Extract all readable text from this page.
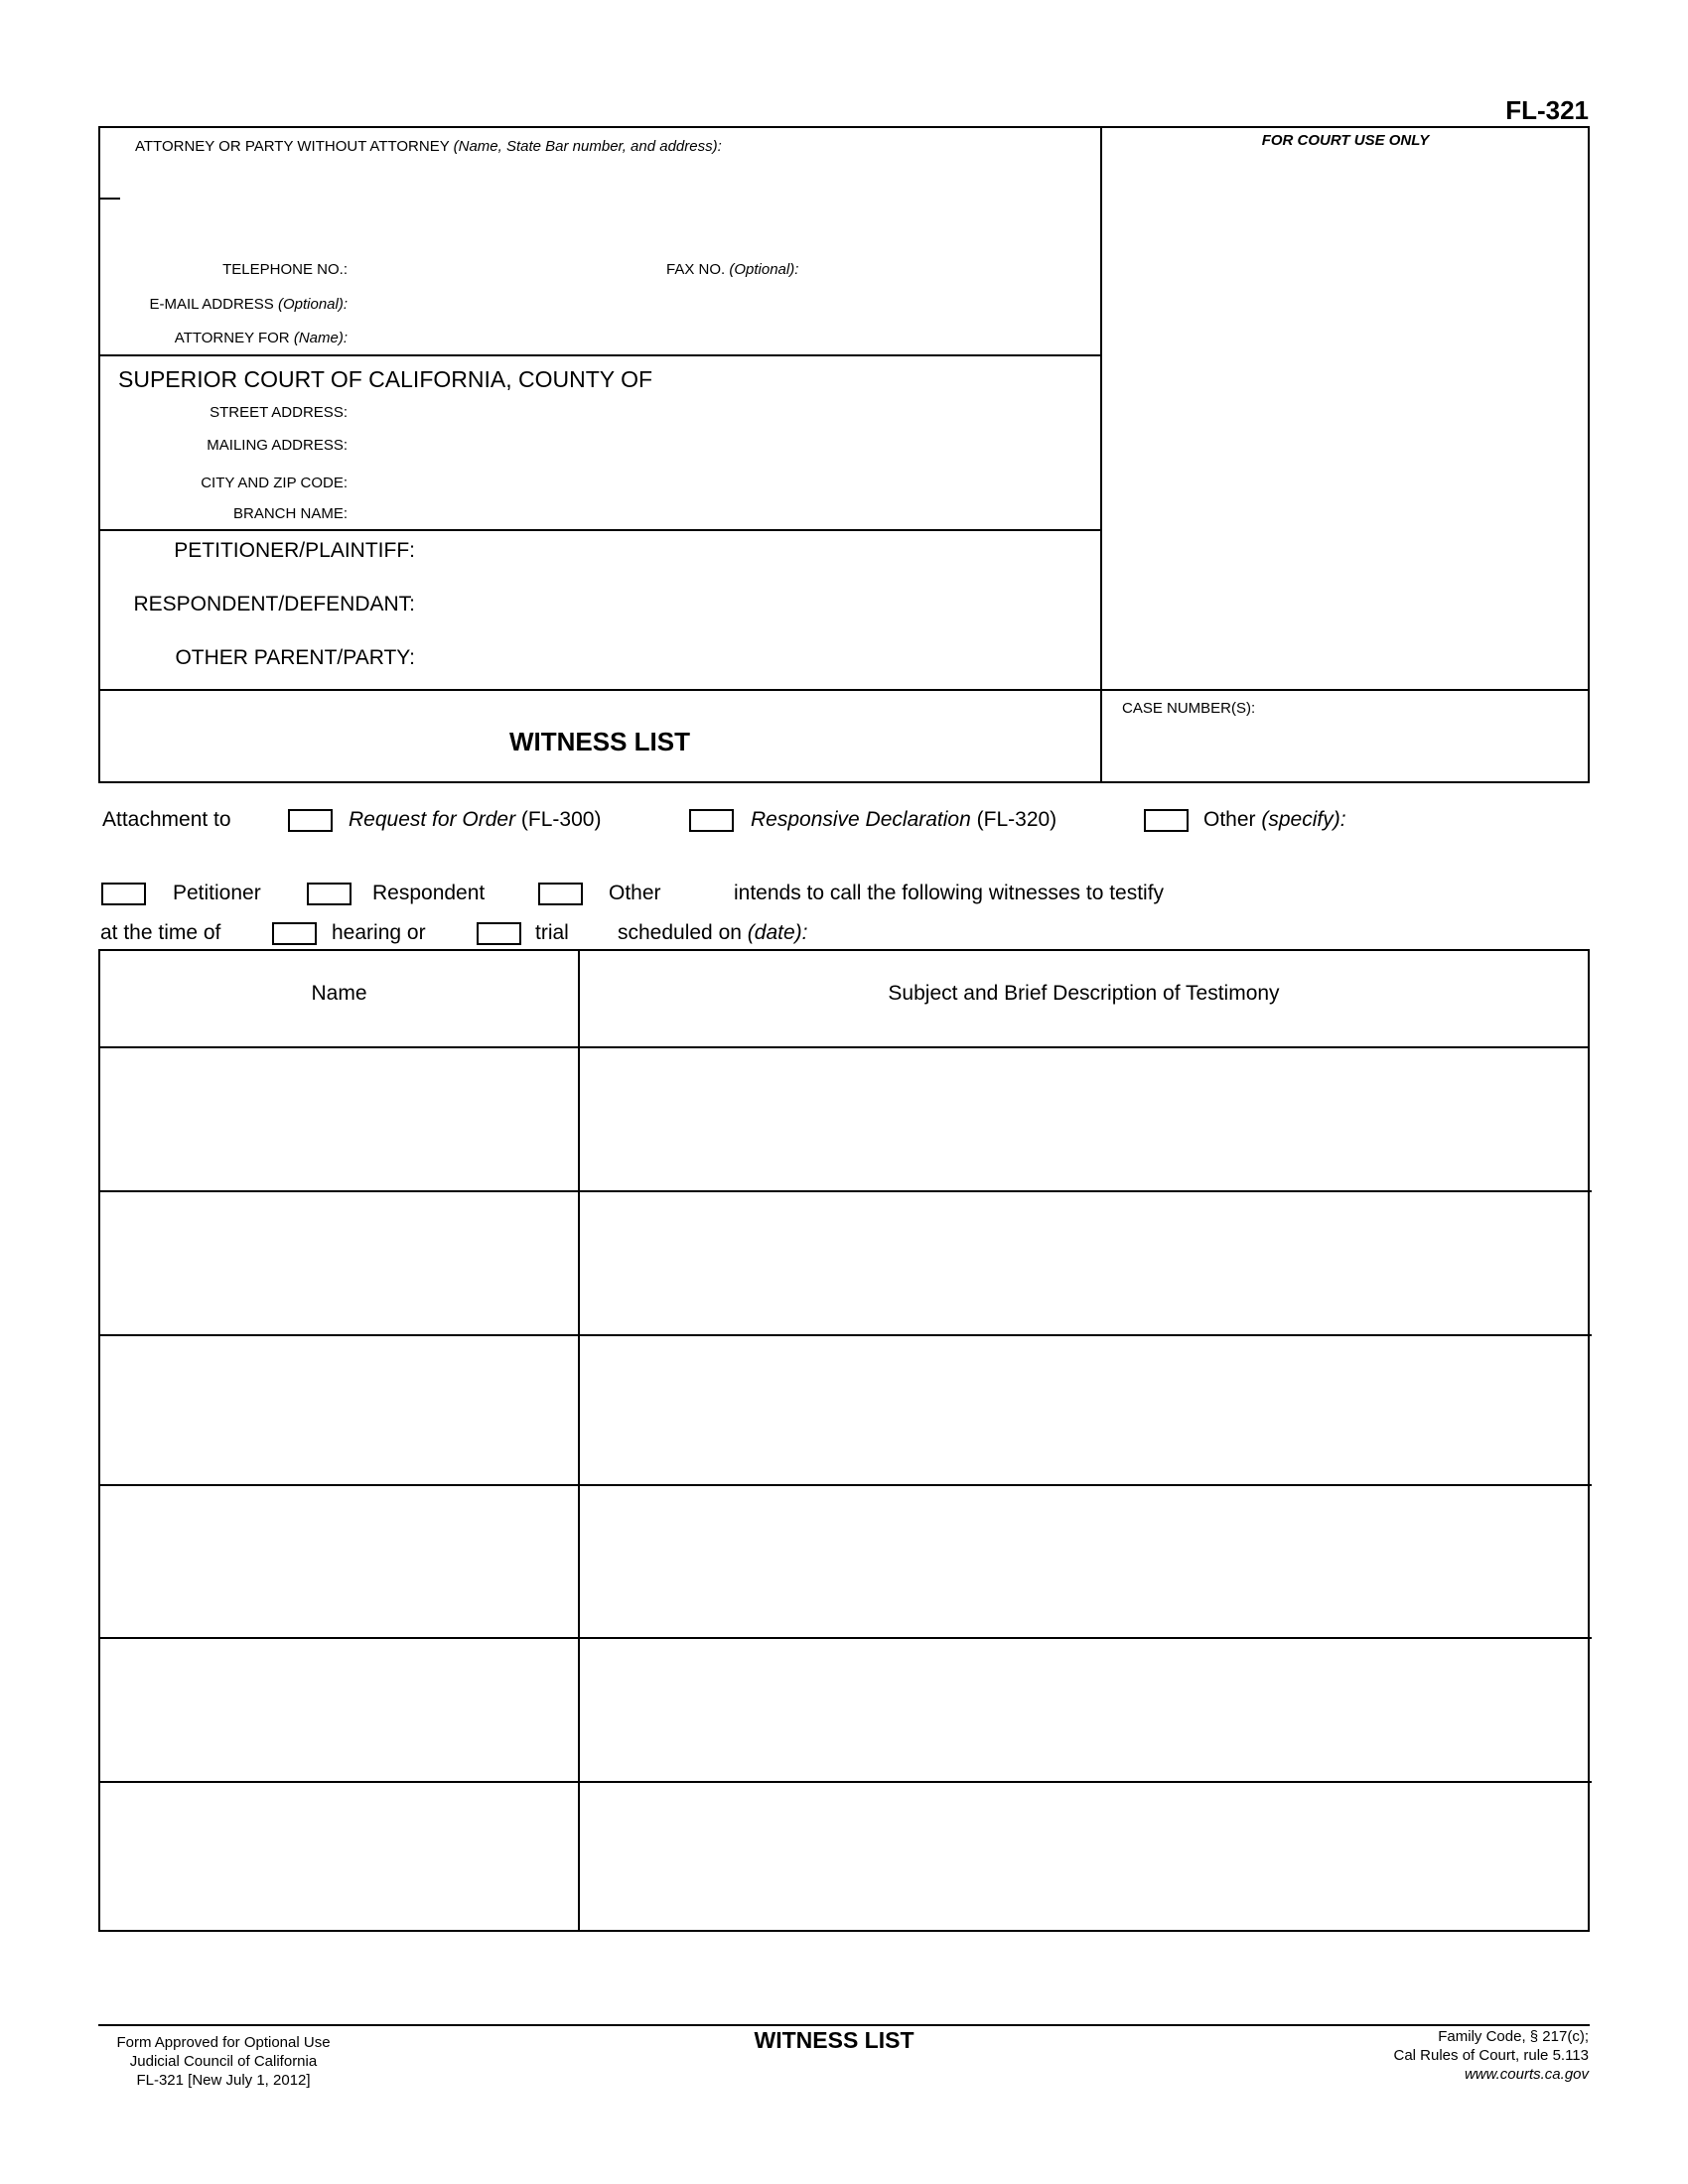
FL-321
ATTORNEY OR PARTY WITHOUT ATTORNEY (Name, State Bar number, and address):
TELEPHONE NO.:	FAX NO. (Optional):
E-MAIL ADDRESS (Optional):
ATTORNEY FOR (Name):
FOR COURT USE ONLY
SUPERIOR COURT OF CALIFORNIA, COUNTY OF
STREET ADDRESS:
MAILING ADDRESS:
CITY AND ZIP CODE:
BRANCH NAME:
PETITIONER/PLAINTIFF:
RESPONDENT/DEFENDANT:
OTHER PARENT/PARTY:
WITNESS LIST
CASE NUMBER(S):
Attachment to	Request for Order (FL-300)	Responsive Declaration (FL-320)	Other (specify):
Petitioner	Respondent	Other	intends to call the following witnesses to testify
at the time of	hearing or	trial scheduled on (date):
Name	Subject and Brief Description of Testimony
Form Approved for Optional Use
Judicial Council of California
FL-321 [New July 1, 2012]
WITNESS LIST	Family Code, § 217(c);
Cal Rules of Court, rule 5.113
www.courts.ca.gov
